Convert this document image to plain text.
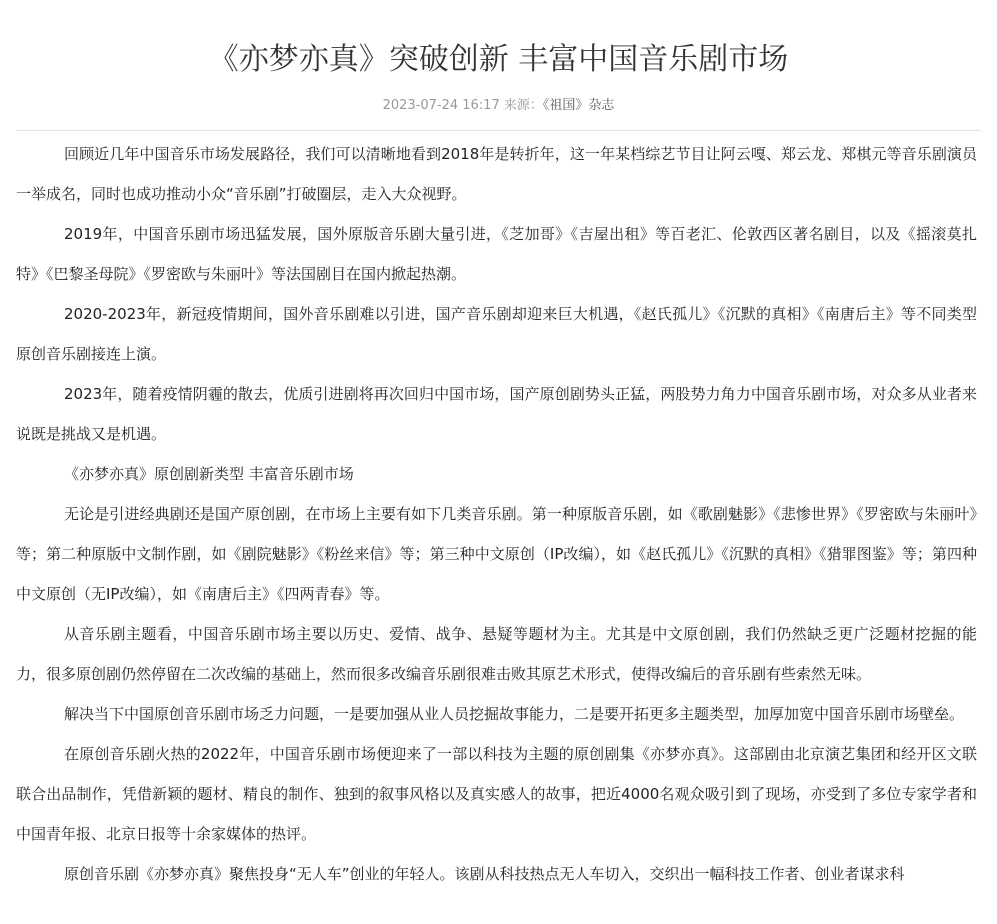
《亦梦亦真》突破创新 丰富中国音乐剧市场
2023-07-24 16:17 来源：《祖国》杂志

回顾近几年中国音乐市场发展路径，我们可以清晰地看到2018年是转折年，这一年某档综艺节目让阿云嘎、郑云龙、郑棋元等音乐剧演员一举成名，同时也成功推动小众“音乐剧”打破圈层，走入大众视野。

2019年，中国音乐剧市场迅猛发展，国外原版音乐剧大量引进，《芝加哥》《吉屋出租》等百老汇、伦敦西区著名剧目，以及《摇滚莫扎特》《巴黎圣母院》《罗密欧与朱丽叶》等法国剧目在国内掀起热潮。

2020-2023年，新冠疫情期间，国外音乐剧难以引进，国产音乐剧却迎来巨大机遇，《赵氏孤儿》《沉默的真相》《南唐后主》等不同类型原创音乐剧接连上演。

2023年，随着疫情阴霾的散去，优质引进剧将再次回归中国市场，国产原创剧势头正猛，两股势力角力中国音乐剧市场，对众多从业者来说既是挑战又是机遇。

《亦梦亦真》原创剧新类型 丰富音乐剧市场

无论是引进经典剧还是国产原创剧，在市场上主要有如下几类音乐剧。第一种原版音乐剧，如《歌剧魅影》《悲惨世界》《罗密欧与朱丽叶》等；第二种原版中文制作剧，如《剧院魅影》《粉丝来信》等；第三种中文原创（IP改编），如《赵氏孤儿》《沉默的真相》《猎罪图鉴》等；第四种中文原创（无IP改编），如《南唐后主》《四两青春》等。

从音乐剧主题看，中国音乐剧市场主要以历史、爱情、战争、悬疑等题材为主。尤其是中文原创剧，我们仍然缺乏更广泛题材挖掘的能力，很多原创剧仍然停留在二次改编的基础上，然而很多改编音乐剧很难击败其原艺术形式，使得改编后的音乐剧有些索然无味。

解决当下中国原创音乐剧市场乏力问题，一是要加强从业人员挖掘故事能力，二是要开拓更多主题类型，加厚加宽中国音乐剧市场壁垒。

在原创音乐剧火热的2022年，中国音乐剧市场便迎来了一部以科技为主题的原创剧集《亦梦亦真》。这部剧由北京演艺集团和经开区文联联合出品制作，凭借新颖的题材、精良的制作、独到的叙事风格以及真实感人的故事，把近4000名观众吸引到了现场，亦受到了多位专家学者和中国青年报、北京日报等十余家媒体的热评。

原创音乐剧《亦梦亦真》聚焦投身“无人车”创业的年轻人。该剧从科技热点无人车切入，交织出一幅科技工作者、创业者谋求科
